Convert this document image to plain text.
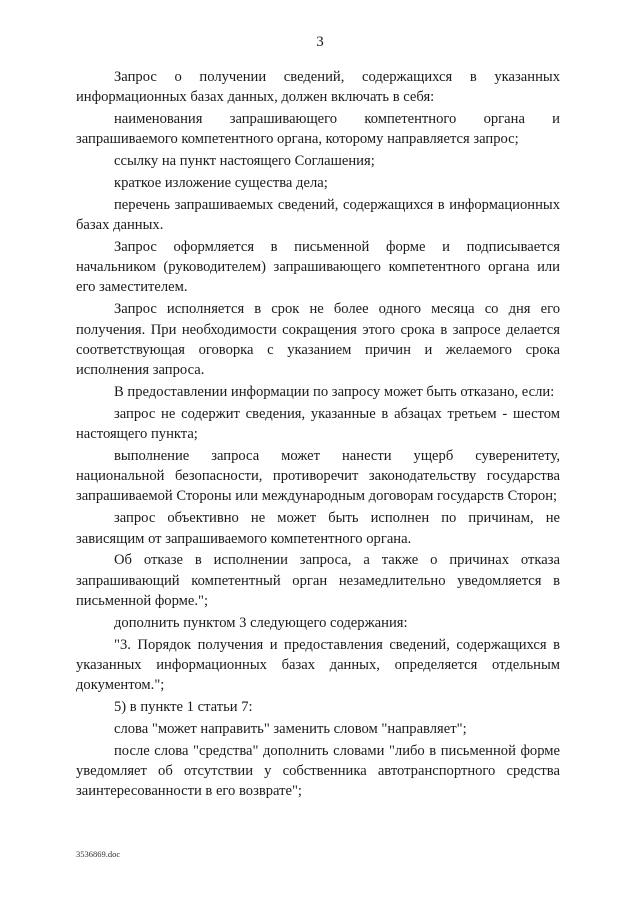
3

Запрос о получении сведений, содержащихся в указанных информационных базах данных, должен включать в себя:

наименования запрашивающего компетентного органа и запрашиваемого компетентного органа, которому направляется запрос;

ссылку на пункт настоящего Соглашения;

краткое изложение существа дела;

перечень запрашиваемых сведений, содержащихся в информационных базах данных.

Запрос оформляется в письменной форме и подписывается начальником (руководителем) запрашивающего компетентного органа или его заместителем.

Запрос исполняется в срок не более одного месяца со дня его получения. При необходимости сокращения этого срока в запросе делается соответствующая оговорка с указанием причин и желаемого срока исполнения запроса.

В предоставлении информации по запросу может быть отказано, если:

запрос не содержит сведения, указанные в абзацах третьем - шестом настоящего пункта;

выполнение запроса может нанести ущерб суверенитету, национальной безопасности, противоречит законодательству государства запрашиваемой Стороны или международным договорам государств Сторон;

запрос объективно не может быть исполнен по причинам, не зависящим от запрашиваемого компетентного органа.

Об отказе в исполнении запроса, а также о причинах отказа запрашивающий компетентный орган незамедлительно уведомляется в письменной форме.";

дополнить пунктом 3 следующего содержания:

"3. Порядок получения и предоставления сведений, содержащихся в указанных информационных базах данных, определяется отдельным документом.";

5) в пункте 1 статьи 7:

слова "может направить" заменить словом "направляет";

после слова "средства" дополнить словами "либо в письменной форме уведомляет об отсутствии у собственника автотранспортного средства заинтересованности в его возврате";

3536869.doc
